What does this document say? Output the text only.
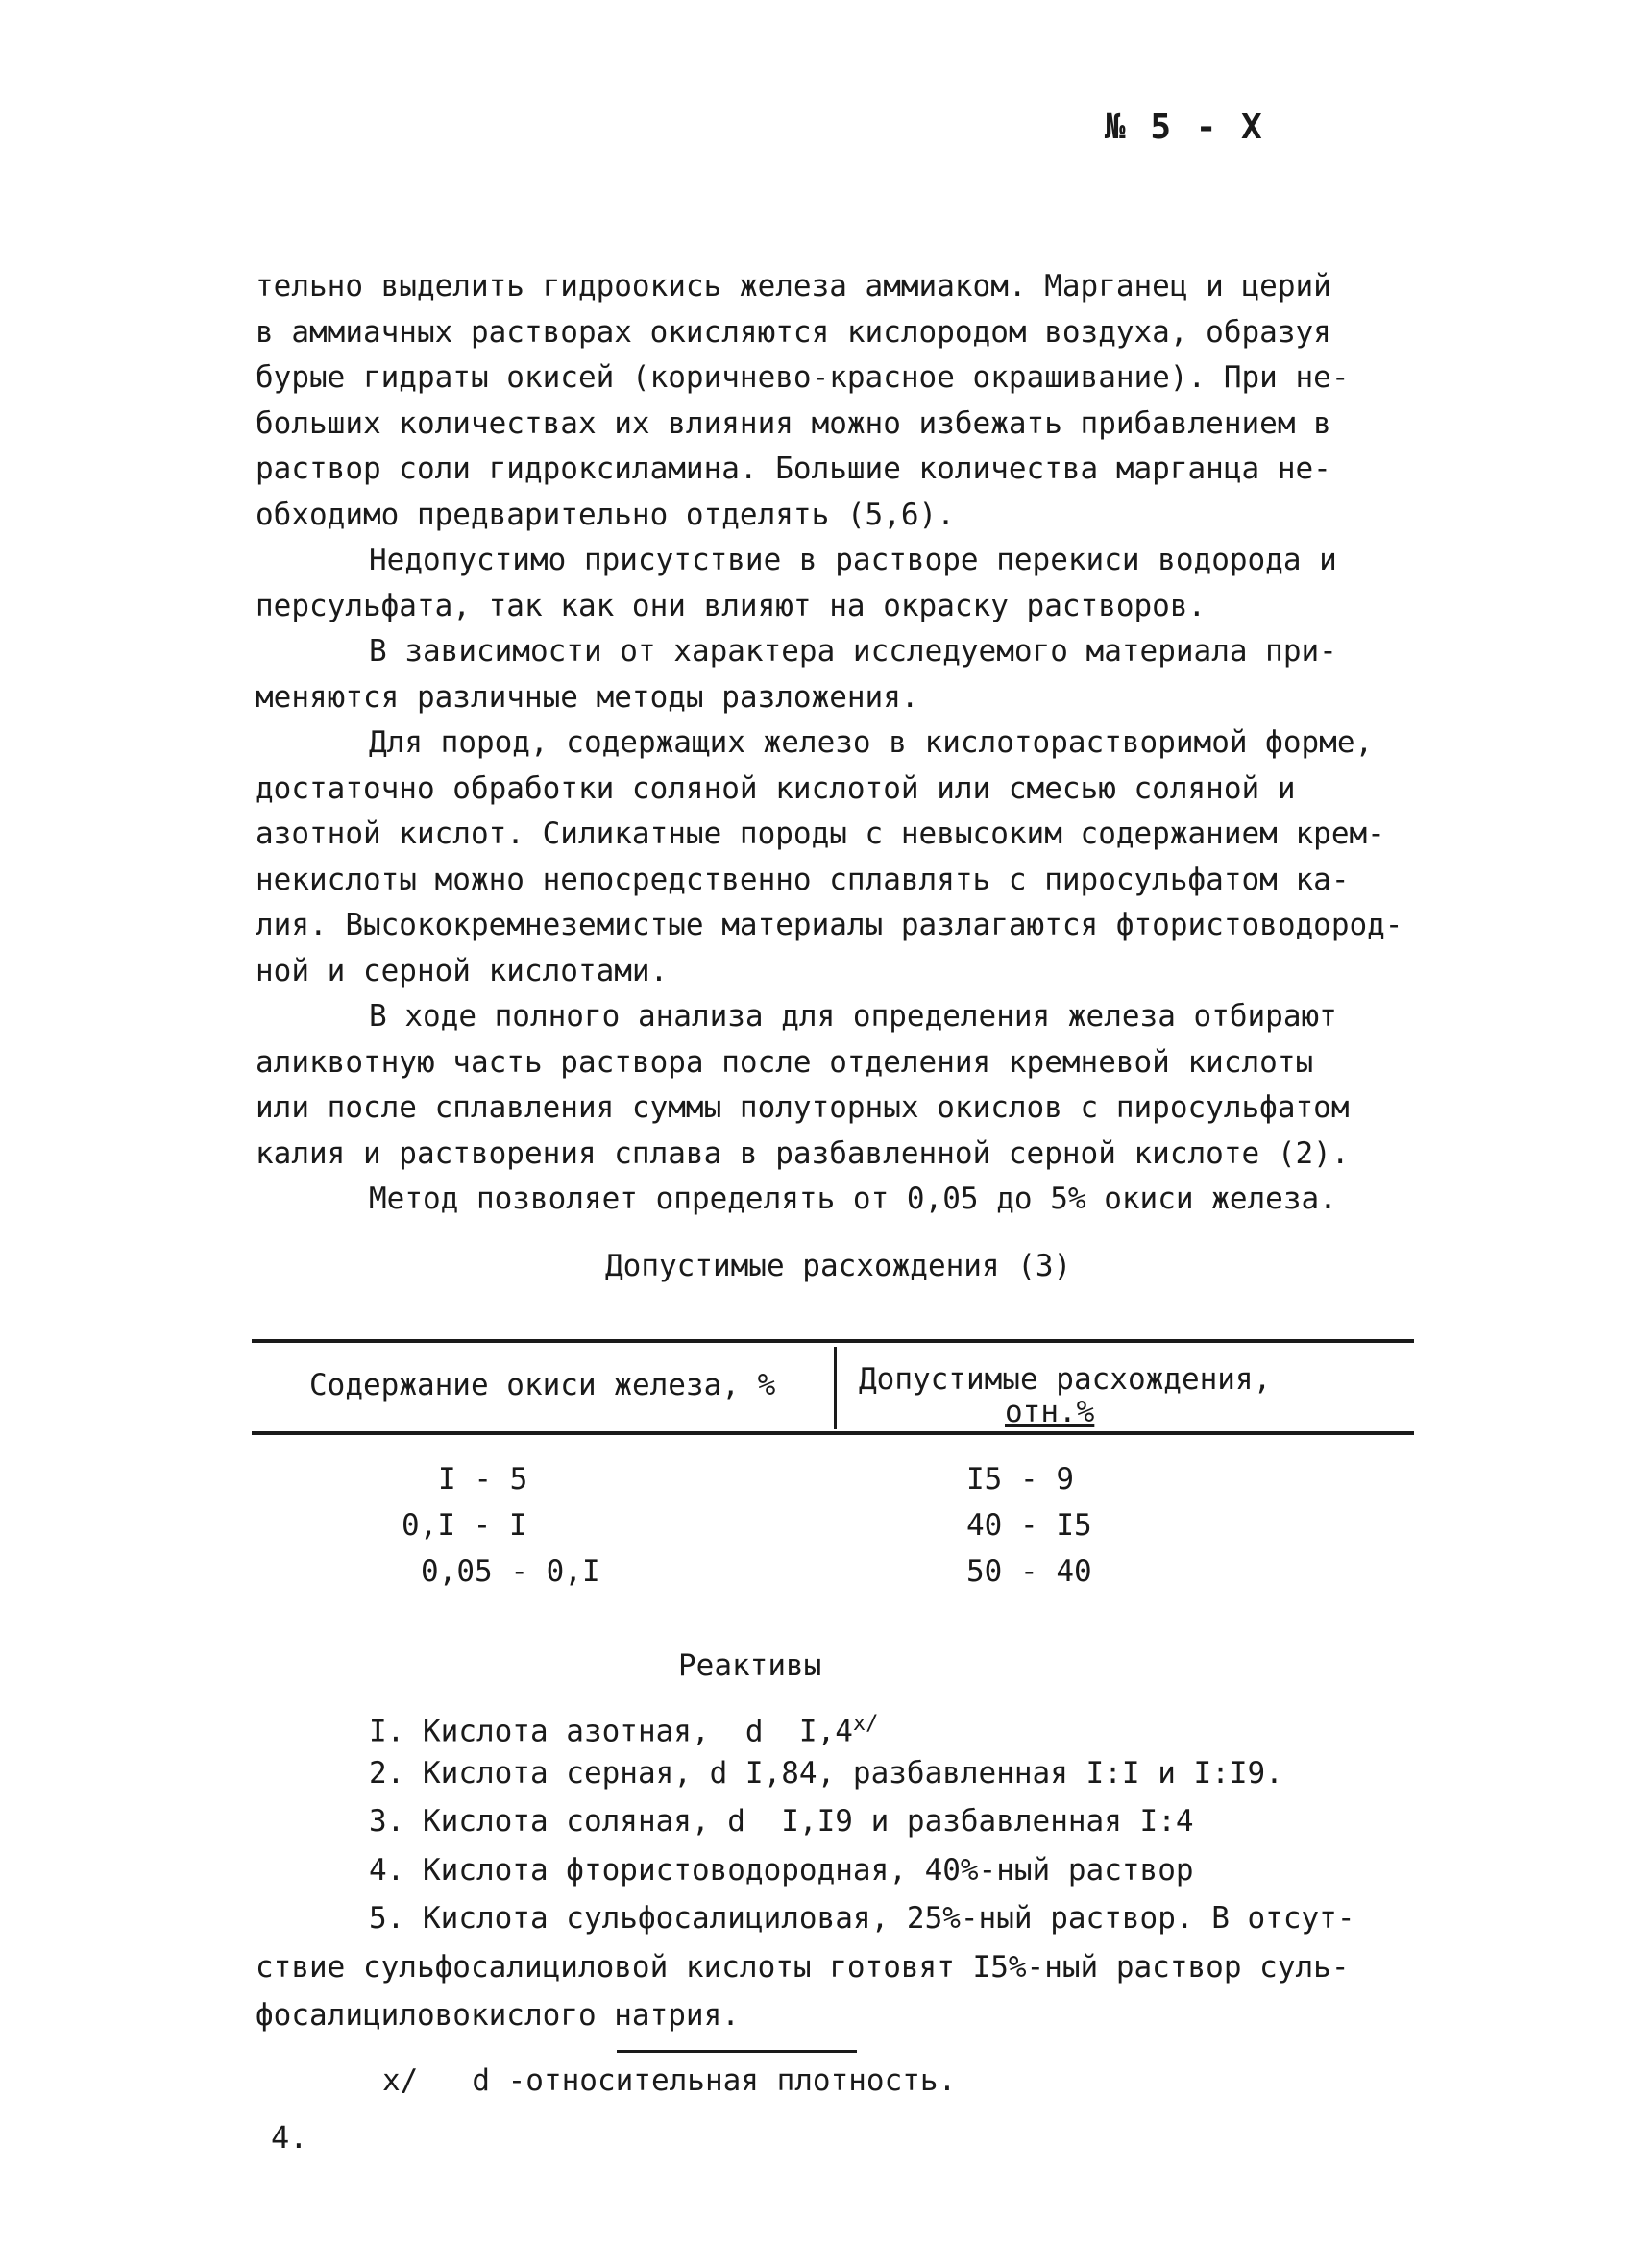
№ 5 - X
тельно выделить гидроокись железа аммиаком. Марганец и церий
в аммиачных растворах окисляются кислородом воздуха, образуя
бурые гидраты окисей (коричнево-красное окрашивание). При не-
больших количествах их влияния можно избежать прибавлением в
раствор соли гидроксиламина. Большие количества марганца не-
обходимо предварительно отделять (5,6).
Недопустимо присутствие в растворе перекиси водорода и
персульфата, так как они влияют на окраску растворов.
В зависимости от характера исследуемого материала при-
меняются различные методы разложения.
Для пород, содержащих железо в кислоторастворимой форме,
достаточно обработки соляной кислотой или смесью соляной и
азотной кислот. Силикатные породы с невысоким содержанием крем-
некислоты можно непосредственно сплавлять с пиросульфатом ка-
лия. Высококремнеземистые материалы разлагаются фтористоводород-
ной и серной кислотами.
В ходе полного анализа для определения железа отбирают
аликвотную часть раствора после отделения кремневой кислоты
или после сплавления суммы полуторных окислов с пиросульфатом
калия и растворения сплава в разбавленной серной кислоте (2).
Метод позволяет определять от 0,05 до 5% окиси железа.
Допустимые расхождения (3)
Содержание окиси железа, %	Допустимые расхождения,
отн.%
I - 5	I5 - 9
0,I - I	40 - I5
0,05 - 0,I	50 - 40
Реактивы
I. Кислота азотная,  d  $I,4^{x/}$
2. Кислота серная, d I,84, разбавленная I:I и I:I9.
3. Кислота соляная, d  I,I9 и разбавленная I:4
4. Кислота фтористоводородная, 40%-ный раствор
5. Кислота сульфосалициловая, 25%-ный раствор. В отсут-
ствие сульфосалициловой кислоты готовят I5%-ный раствор суль-
фосалициловокислого натрия.
x/   d -относительная плотность.
4.
